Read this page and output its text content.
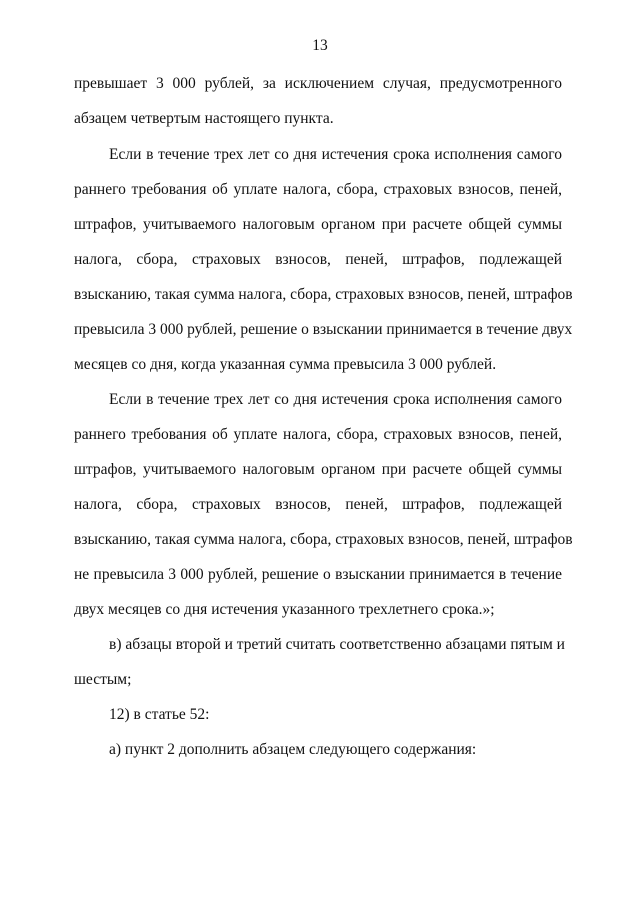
13
превышает 3 000 рублей, за исключением случая, предусмотренного
абзацем четвертым настоящего пункта.
Если в течение трех лет со дня истечения срока исполнения самого
раннего требования об уплате налога, сбора, страховых взносов, пеней,
штрафов, учитываемого налоговым органом при расчете общей суммы
налога, сбора, страховых взносов, пеней, штрафов, подлежащей
взысканию, такая сумма налога, сбора, страховых взносов, пеней, штрафов
превысила 3 000 рублей, решение о взыскании принимается в течение двух
месяцев со дня, когда указанная сумма превысила 3 000 рублей.
Если в течение трех лет со дня истечения срока исполнения самого
раннего требования об уплате налога, сбора, страховых взносов, пеней,
штрафов, учитываемого налоговым органом при расчете общей суммы
налога, сбора, страховых взносов, пеней, штрафов, подлежащей
взысканию, такая сумма налога, сбора, страховых взносов, пеней, штрафов
не превысила 3 000 рублей, решение о взыскании принимается в течение
двух месяцев со дня истечения указанного трехлетнего срока.»;
в) абзацы второй и третий считать соответственно абзацами пятым и
шестым;
12) в статье 52:
а) пункт 2 дополнить абзацем следующего содержания:
